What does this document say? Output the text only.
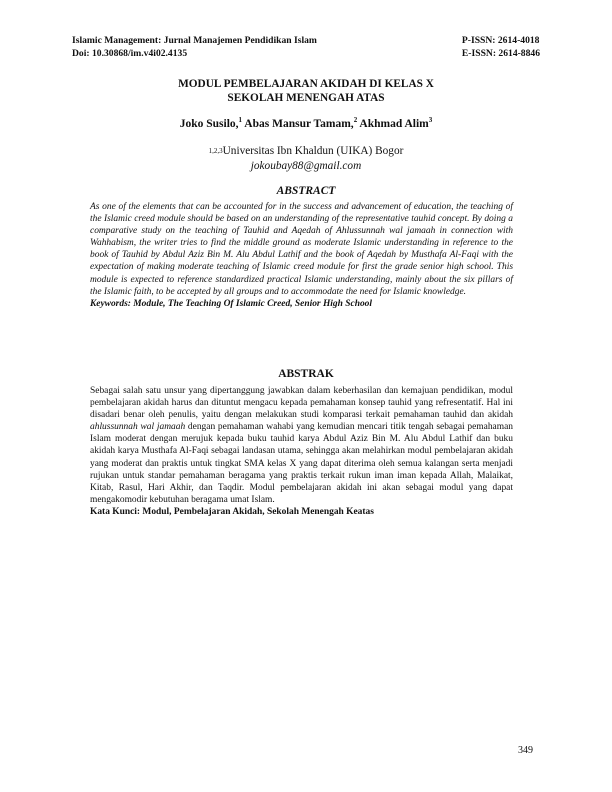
Islamic Management: Jurnal Manajemen Pendidikan Islam
Doi: 10.30868/im.v4i02.4135
P-ISSN: 2614-4018
E-ISSN: 2614-8846
MODUL PEMBELAJARAN AKIDAH DI KELAS X
SEKOLAH MENENGAH ATAS
Joko Susilo,$^1$ Abas Mansur Tamam,$^2$ Akhmad Alim$^3$
$^{1,2,3}$Universitas Ibn Khaldun (UIKA) Bogor
jokoubay88@gmail.com
ABSTRACT

As one of the elements that can be accounted for in the success and advancement of education, the teaching of the Islamic creed module should be based on an understanding of the representative tauhid concept. By doing a comparative study on the teaching of Tauhid and Aqedah of Ahlussunnah wal jamaah in connection with Wahhabism, the writer tries to find the middle ground as moderate Islamic understanding in reference to the book of Tauhid by Abdul Aziz Bin M. Alu Abdul Lathif and the book of Aqedah by Musthafa Al-Faqi with the expectation of making moderate teaching of Islamic creed module for first the grade senior high school. This module is expected to reference standardized practical Islamic understanding, mainly about the six pillars of the Islamic faith, to be accepted by all groups and to accommodate the need for Islamic knowledge.
Keywords: Module, The Teaching Of Islamic Creed, Senior High School

ABSTRAK

Sebagai salah satu unsur yang dipertanggung jawabkan dalam keberhasilan dan kemajuan pendidikan, modul pembelajaran akidah harus dan dituntut mengacu kepada pemahaman konsep tauhid yang refresentatif. Hal ini disadari benar oleh penulis, yaitu dengan melakukan studi komparasi terkait pemahaman tauhid dan akidah ahlussunnah wal jamaah dengan pemahaman wahabi yang kemudian mencari titik tengah sebagai pemahaman Islam moderat dengan merujuk kepada buku tauhid karya Abdul Aziz Bin M. Alu Abdul Lathif dan buku akidah karya Musthafa Al-Faqi sebagai landasan utama, sehingga akan melahirkan modul pembelajaran akidah yang moderat dan praktis untuk tingkat SMA kelas X yang dapat diterima oleh semua kalangan serta menjadi rujukan untuk standar pemahaman beragama yang praktis terkait rukun iman iman kepada Allah, Malaikat, Kitab, Rasul, Hari Akhir, dan Taqdir. Modul pembelajaran akidah ini akan sebagai modul yang dapat mengakomodir kebutuhan beragama umat Islam.
Kata Kunci: Modul, Pembelajaran Akidah, Sekolah Menengah Keatas

349
